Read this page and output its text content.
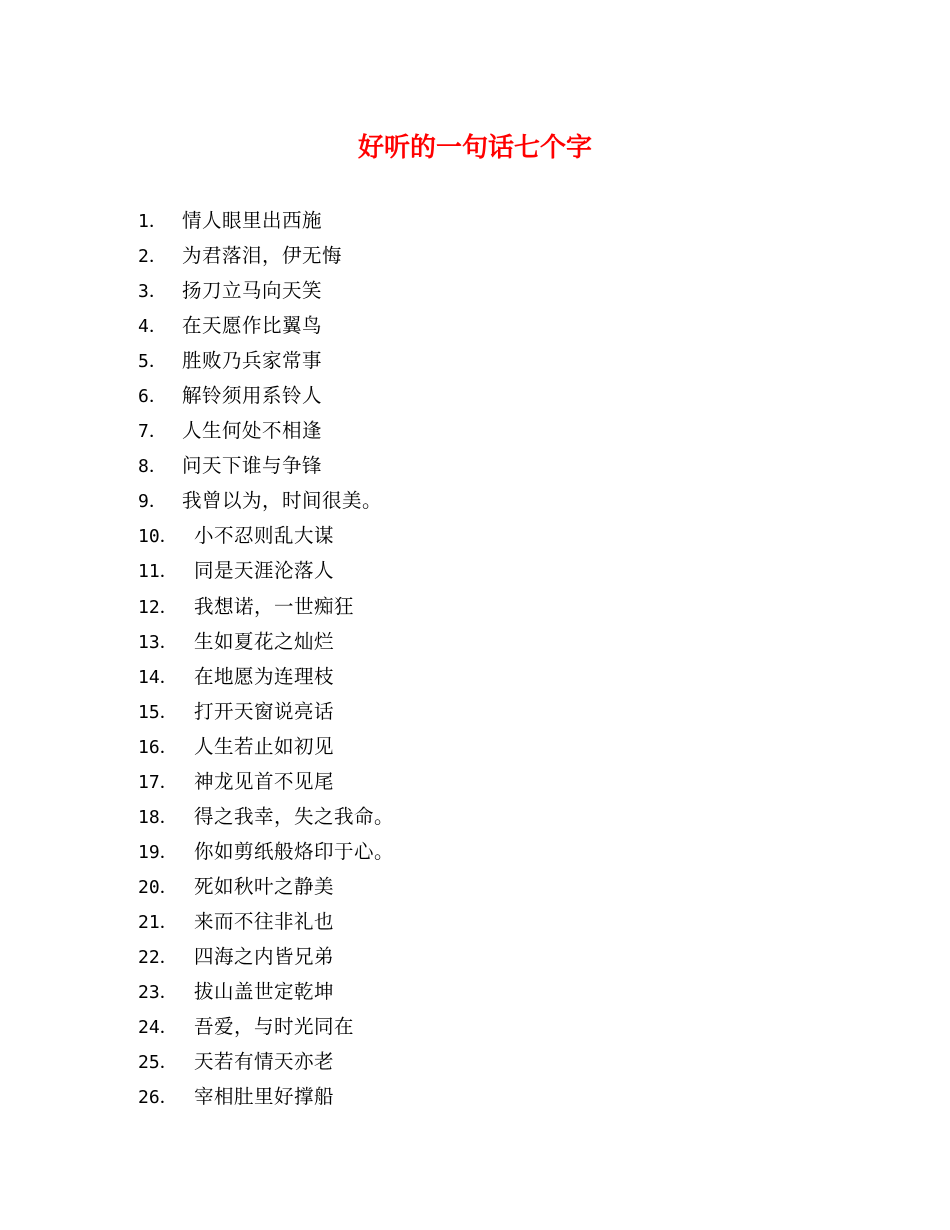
好听的一句话七个字
1． 情人眼里出西施
2． 为君落泪，伊无悔
3． 扬刀立马向天笑
4． 在天愿作比翼鸟
5． 胜败乃兵家常事
6． 解铃须用系铃人
7． 人生何处不相逢
8． 问天下谁与争锋
9． 我曾以为，时间很美。
10． 小不忍则乱大谋
11． 同是天涯沦落人
12． 我想诺，一世痴狂
13． 生如夏花之灿烂
14． 在地愿为连理枝
15． 打开天窗说亮话
16． 人生若止如初见
17． 神龙见首不见尾
18． 得之我幸，失之我命。
19． 你如剪纸般烙印于心。
20． 死如秋叶之静美
21． 来而不往非礼也
22． 四海之内皆兄弟
23． 拔山盖世定乾坤
24． 吾爱，与时光同在
25． 天若有情天亦老
26． 宰相肚里好撑船
